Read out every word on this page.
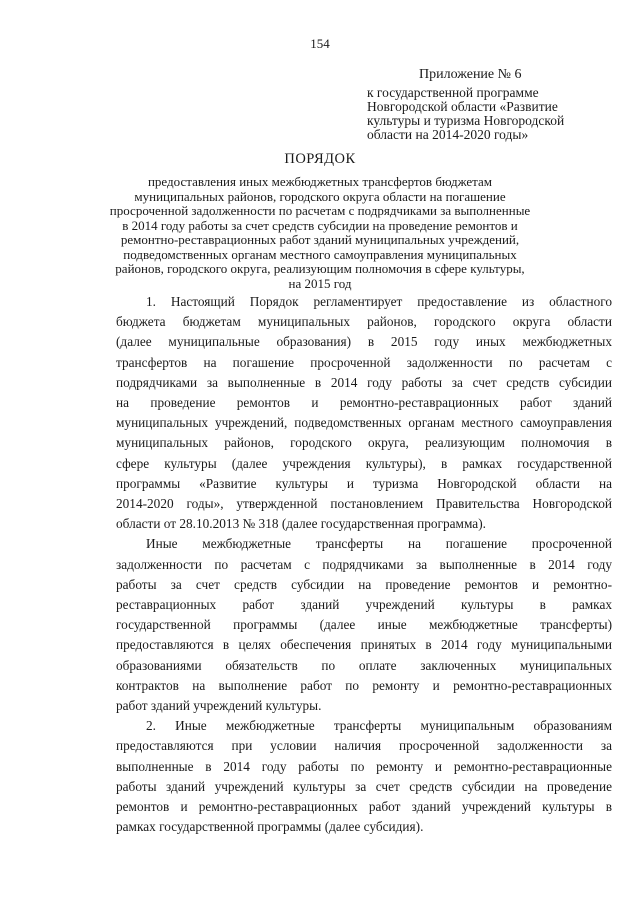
154
Приложение № 6
к государственной программе
Новгородской области «Развитие
культуры и туризма Новгородской
области на 2014-2020 годы»
ПОРЯДОК
предоставления иных межбюджетных трансфертов бюджетам
муниципальных районов, городского округа области на погашение
просроченной задолженности по расчетам с подрядчиками за выполненные
в 2014 году работы за счет средств субсидии на проведение ремонтов и
ремонтно-реставрационных работ зданий муниципальных учреждений,
подведомственных органам местного самоуправления муниципальных
районов, городского округа, реализующим полномочия в сфере культуры,
на 2015 год

1. Настоящий Порядок регламентирует предоставление из областного
бюджета бюджетам муниципальных районов, городского округа области
(далее муниципальные образования) в 2015 году иных межбюджетных
трансфертов на погашение просроченной задолженности по расчетам с
подрядчиками за выполненные в 2014 году работы за счет средств субсидии
на проведение ремонтов и ремонтно-реставрационных работ зданий
муниципальных учреждений, подведомственных органам местного самоуправления
муниципальных районов, городского округа, реализующим полномочия в
сфере культуры (далее учреждения культуры), в рамках государственной
программы «Развитие культуры и туризма Новгородской области на
2014-2020 годы», утвержденной постановлением Правительства Новгородской
области от 28.10.2013 № 318 (далее государственная программа).

Иные межбюджетные трансферты на погашение просроченной
задолженности по расчетам с подрядчиками за выполненные в 2014 году
работы за счет средств субсидии на проведение ремонтов и ремонтно-
реставрационных работ зданий учреждений культуры в рамках
государственной программы (далее иные межбюджетные трансферты)
предоставляются в целях обеспечения принятых в 2014 году муниципальными
образованиями обязательств по оплате заключенных муниципальных
контрактов на выполнение работ по ремонту и ремонтно-реставрационных
работ зданий учреждений культуры.

2. Иные межбюджетные трансферты муниципальным образованиям
предоставляются при условии наличия просроченной задолженности за
выполненные в 2014 году работы по ремонту и ремонтно-реставрационные
работы зданий учреждений культуры за счет средств субсидии на проведение
ремонтов и ремонтно-реставрационных работ зданий учреждений культуры в
рамках государственной программы (далее субсидия).
